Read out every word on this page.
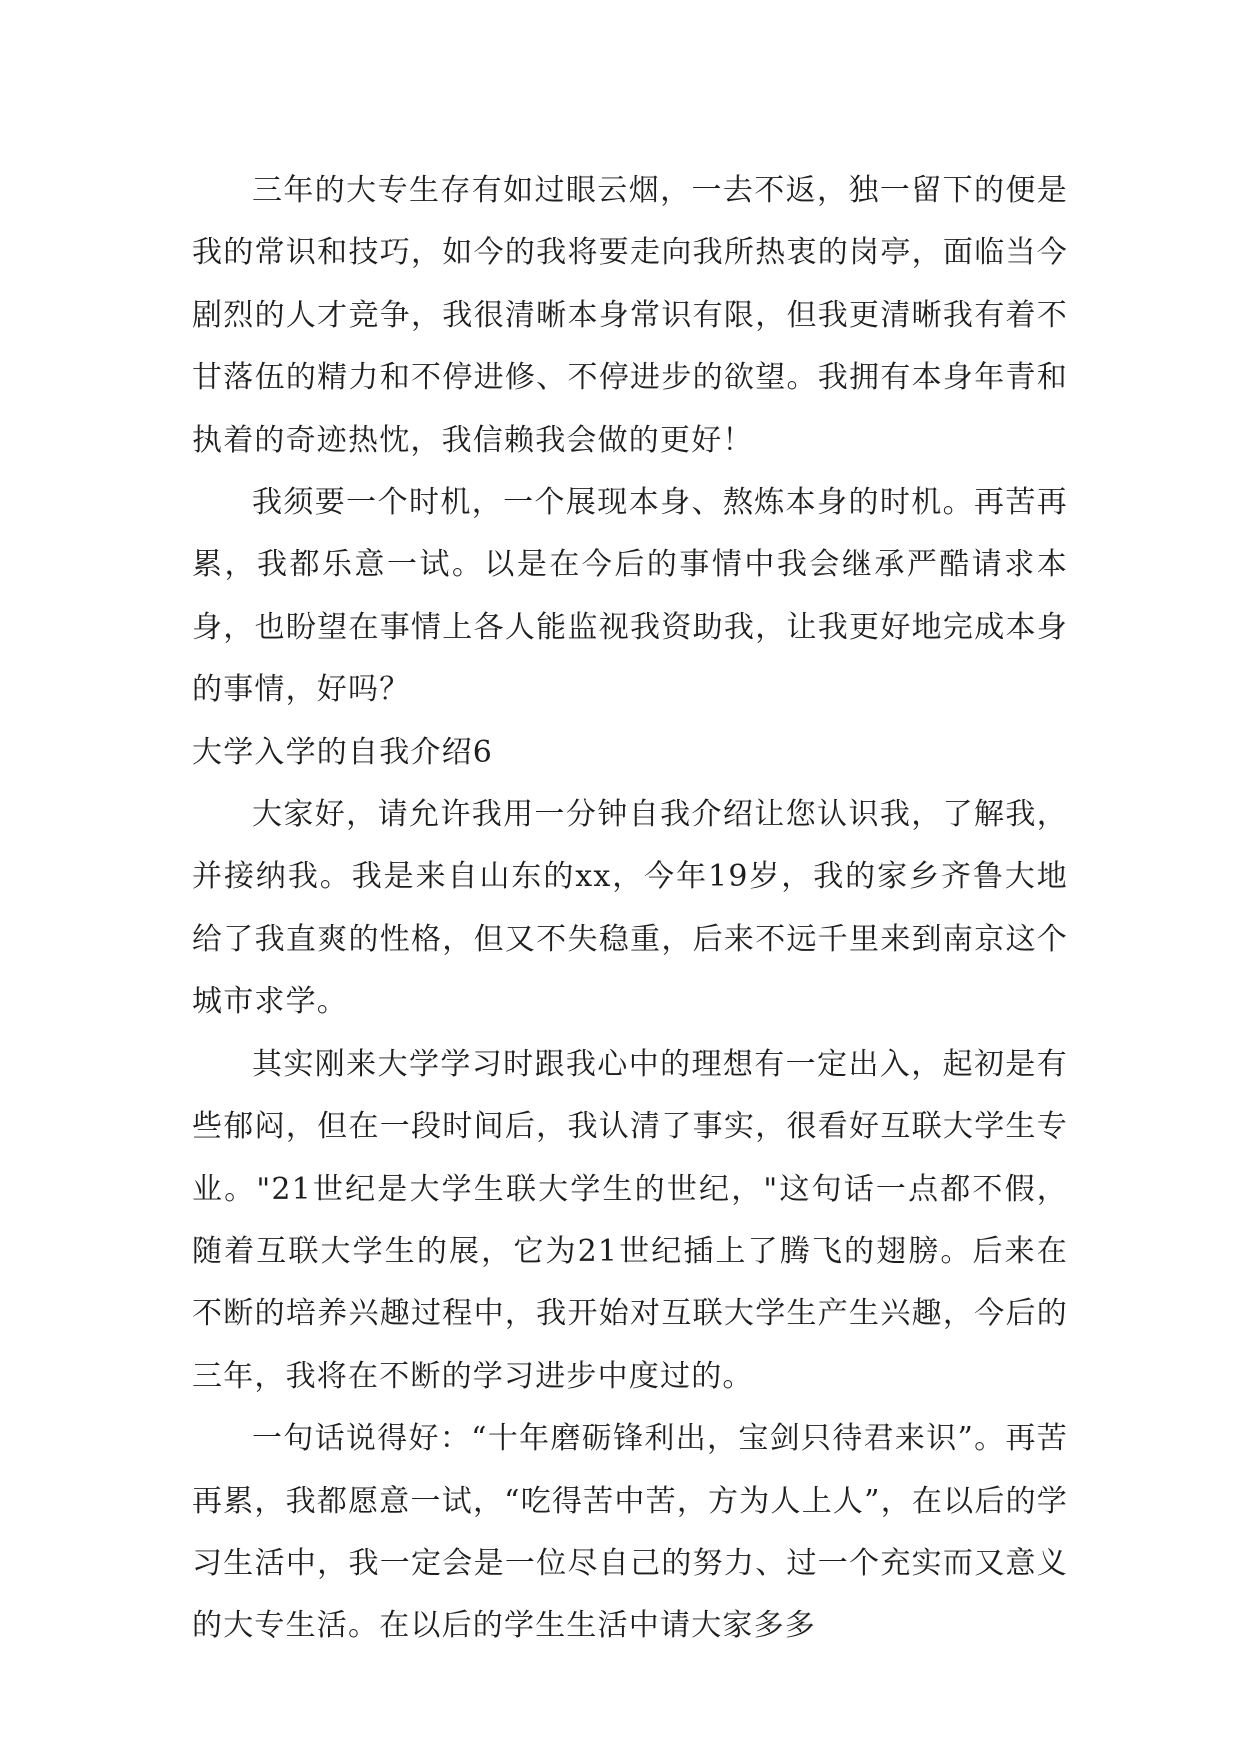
三年的大专生存有如过眼云烟，一去不返，独一留下的便是我的常识和技巧，如今的我将要走向我所热衷的岗亭，面临当今剧烈的人才竞争，我很清晰本身常识有限，但我更清晰我有着不甘落伍的精力和不停进修、不停进步的欲望。我拥有本身年青和执着的奇迹热忱，我信赖我会做的更好！

我须要一个时机，一个展现本身、熬炼本身的时机。再苦再累，我都乐意一试。以是在今后的事情中我会继承严酷请求本身，也盼望在事情上各人能监视我资助我，让我更好地完成本身的事情，好吗？

大学入学的自我介绍6

大家好，请允许我用一分钟自我介绍让您认识我，了解我，并接纳我。我是来自山东的xx，今年19岁，我的家乡齐鲁大地给了我直爽的性格，但又不失稳重，后来不远千里来到南京这个城市求学。

其实刚来大学学习时跟我心中的理想有一定出入，起初是有些郁闷，但在一段时间后，我认清了事实，很看好互联大学生专业。"21世纪是大学生联大学生的世纪，"这句话一点都不假，随着互联大学生的展，它为21世纪插上了腾飞的翅膀。后来在不断的培养兴趣过程中，我开始对互联大学生产生兴趣，今后的三年，我将在不断的学习进步中度过的。

一句话说得好：“十年磨砺锋利出，宝剑只待君来识”。再苦再累，我都愿意一试，“吃得苦中苦，方为人上人”，在以后的学习生活中，我一定会是一位尽自己的努力、过一个充实而又意义的大专生活。在以后的学生生活中请大家多多
